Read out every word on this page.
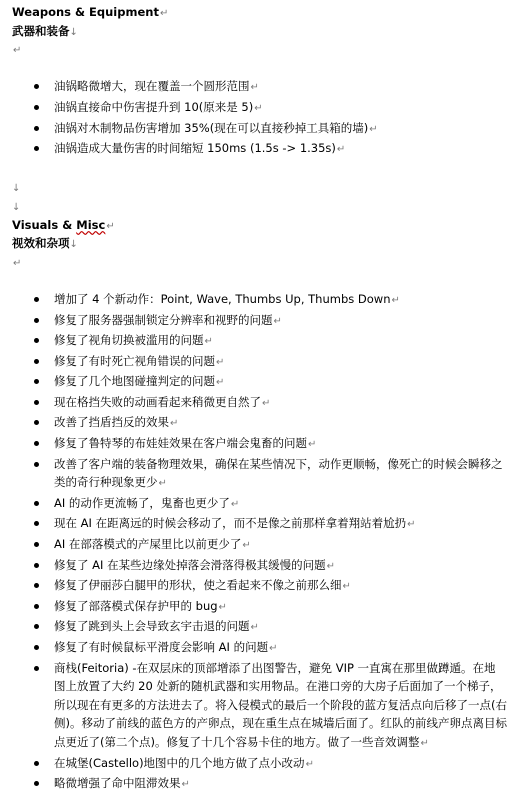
Weapons & Equipment↵
武器和装备↓
↵
油锅略微增大，现在覆盖一个圆形范围↵
油锅直接命中伤害提升到 10(原来是 5)↵
油锅对木制物品伤害增加 35%(现在可以直接秒掉工具箱的墙)↵
油锅造成大量伤害的时间缩短 150ms (1.5s -> 1.35s)↵
↓
↓
Visuals & Misc↵
视效和杂项↓
↵
增加了 4 个新动作：Point, Wave, Thumbs Up, Thumbs Down↵
修复了服务器强制锁定分辨率和视野的问题↵
修复了视角切换被滥用的问题↵
修复了有时死亡视角错误的问题↵
修复了几个地图碰撞判定的问题↵
现在格挡失败的动画看起来稍微更自然了↵
改善了挡盾挡反的效果↵
修复了鲁特琴的布娃娃效果在客户端会鬼畜的问题↵
改善了客户端的装备物理效果，确保在某些情况下，动作更顺畅，像死亡的时候会瞬移之类的奇行种现象更少↵
AI 的动作更流畅了，鬼畜也更少了↵
现在 AI 在距离远的时候会移动了，而不是像之前那样拿着翔站着尬扔↵
AI 在部落模式的产屎里比以前更少了↵
修复了 AI 在某些边缘处掉落会滑落得极其缓慢的问题↵
修复了伊丽莎白腿甲的形状，使之看起来不像之前那么细↵
修复了部落模式保存护甲的 bug↵
修复了跳到头上会导致玄宇击退的问题↵
修复了有时候鼠标平滑度会影响 AI 的问题↵
商栈(Feitoria) -在双层床的顶部增添了出图警告，避免 VIP 一直寓在那里做蹲遁。在地图上放置了大约 20 处新的随机武器和实用物品。在港口旁的大房子后面加了一个梯子，所以现在有更多的方法进去了。将入侵模式的最后一个阶段的蓝方复活点向后移了一点(右侧)。移动了前线的蓝色方的产卵点，现在重生点在城墙后面了。红队的前线产卵点离目标点更近了(第二个点)。修复了十几个容易卡住的地方。做了一些音效调整↵
在城堡(Castello)地图中的几个地方做了点小改动↵
略微增强了命中阻滞效果↵
